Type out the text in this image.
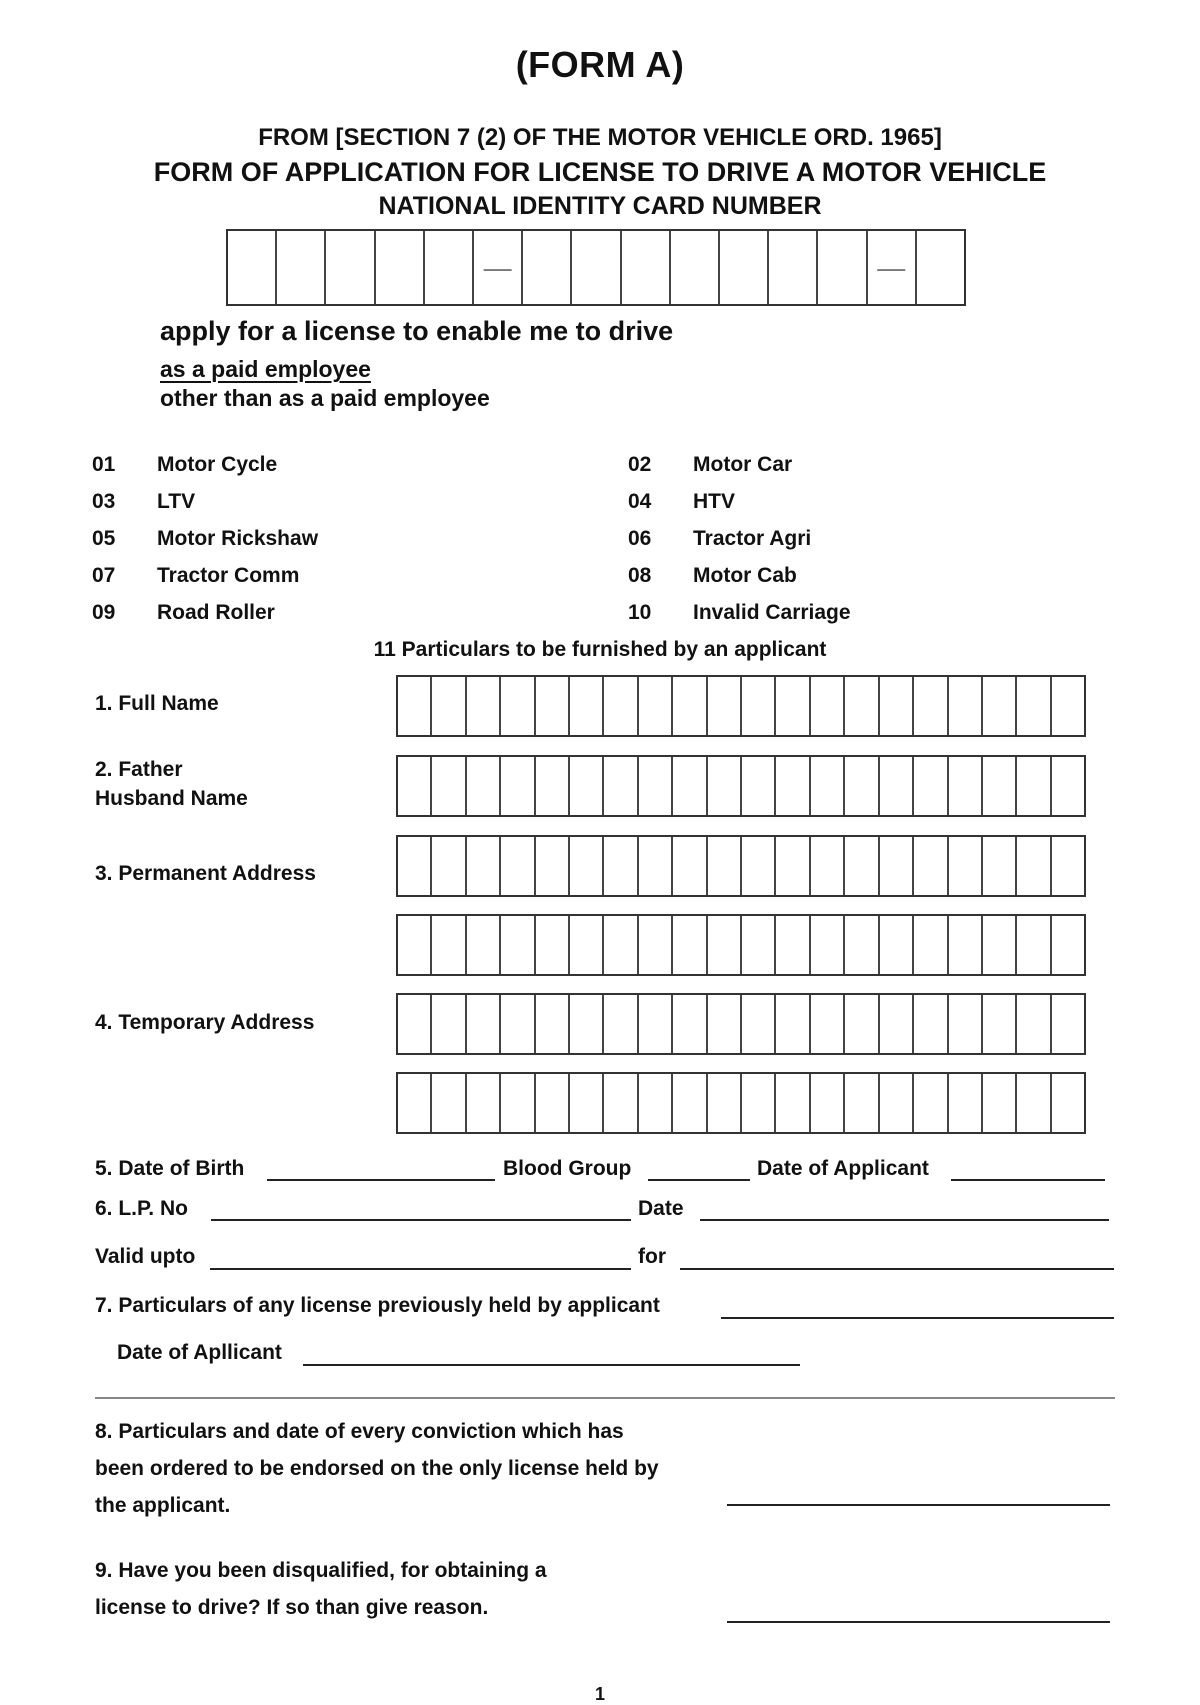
(FORM A)
FROM [SECTION 7 (2) OF THE MOTOR VEHICLE ORD. 1965]
FORM OF APPLICATION FOR LICENSE TO DRIVE A MOTOR VEHICLE
NATIONAL IDENTITY CARD NUMBER
—	—
apply for a license to enable me to drive
as a paid employee
other than as a paid employee
01 Motor Cycle	02 Motor Car
03 LTV	04 HTV
05 Motor Rickshaw	06 Tractor Agri
07 Tractor Comm	08 Motor Cab
09 Road Roller	10 Invalid Carriage
11 Particulars to be furnished by an applicant
1. Full Name
2. Father
Husband Name
3. Permanent Address
4. Temporary Address
5. Date of Birth	Blood Group	Date of Applicant
6. L.P. No	Date
Valid upto	for
7. Particulars of any license previously held by applicant
Date of Apllicant
8. Particulars and date of every conviction which has
been ordered to be endorsed on the only license held by
the applicant.
9. Have you been disqualified, for obtaining a
license to drive? If so than give reason.
1
